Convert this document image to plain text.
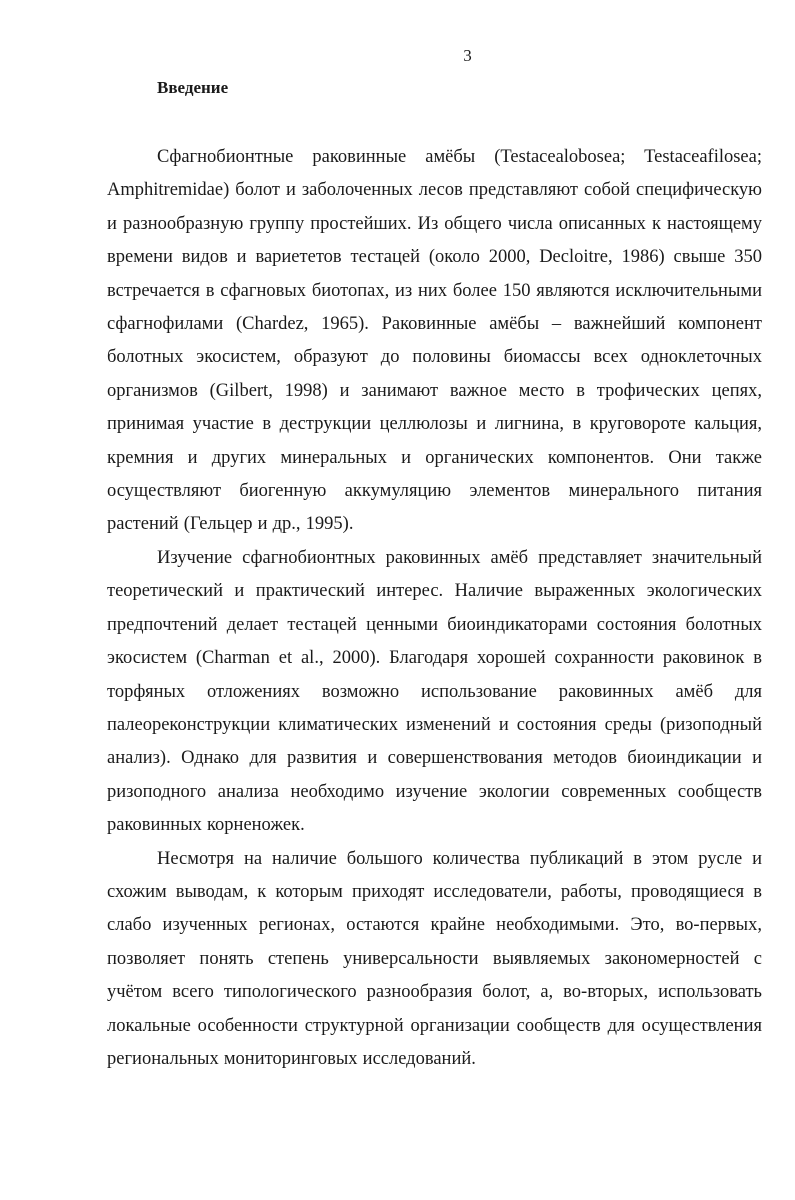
3
Введение

Сфагнобионтные раковинные амёбы (Testacealobosea; Testaceafilosea; Amphitremidae) болот и заболоченных лесов представляют собой специфическую и разнообразную группу простейших. Из общего числа описанных к настоящему времени видов и вариететов тестацей (около 2000, Decloitre, 1986) свыше 350 встречается в сфагновых биотопах, из них более 150 являются исключительными сфагнофилами (Chardez, 1965). Раковинные амёбы – важнейший компонент болотных экосистем, образуют до половины биомассы всех одноклеточных организмов (Gilbert, 1998) и занимают важное место в трофических цепях, принимая участие в деструкции целлюлозы и лигнина, в круговороте кальция, кремния и других минеральных и органических компонентов. Они также осуществляют биогенную аккумуляцию элементов минерального питания растений (Гельцер и др., 1995).

Изучение сфагнобионтных раковинных амёб представляет значительный теоретический и практический интерес. Наличие выраженных экологических предпочтений делает тестацей ценными биоиндикаторами состояния болотных экосистем (Charman et al., 2000). Благодаря хорошей сохранности раковинок в торфяных отложениях возможно использование раковинных амёб для палеореконструкции климатических изменений и состояния среды (ризоподный анализ). Однако для развития и совершенствования методов биоиндикации и ризоподного анализа необходимо изучение экологии современных сообществ раковинных корненожек.

Несмотря на наличие большого количества публикаций в этом русле и схожим выводам, к которым приходят исследователи, работы, проводящиеся в слабо изученных регионах, остаются крайне необходимыми. Это, во-первых, позволяет понять степень универсальности выявляемых закономерностей с учётом всего типологического разнообразия болот, а, во-вторых, использовать локальные особенности структурной организации сообществ для осуществления региональных мониторинговых исследований.
